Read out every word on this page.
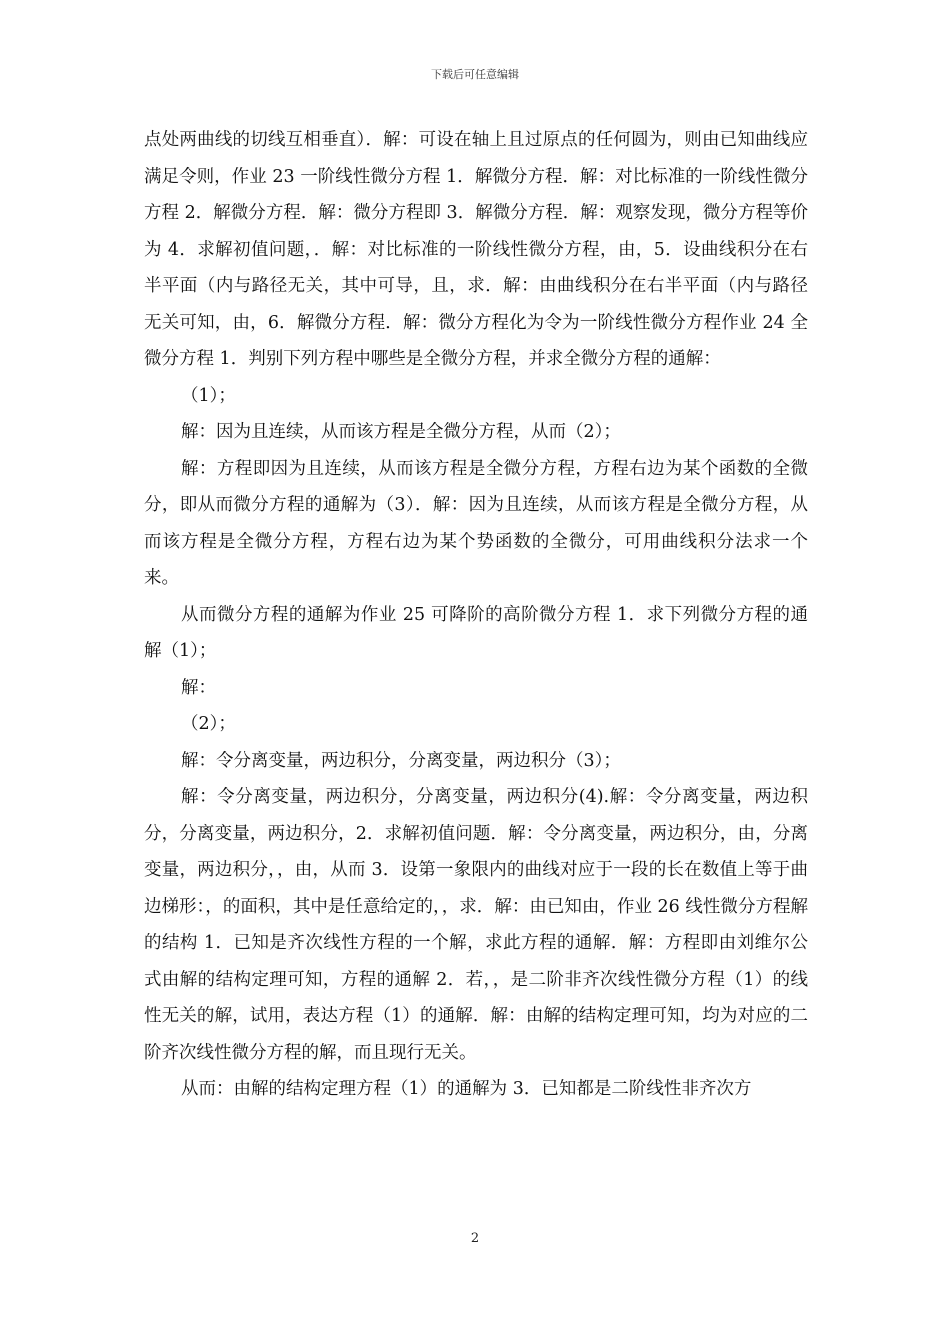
下载后可任意编辑

点处两曲线的切线互相垂直）．解：可设在轴上且过原点的任何圆为，则由已知曲线应满足令则，作业 23 一阶线性微分方程 1．解微分方程．解：对比标准的一阶线性微分方程 2．解微分方程．解：微分方程即 3．解微分方程．解：观察发现，微分方程等价为 4．求解初值问题，．解：对比标准的一阶线性微分方程，由，5．设曲线积分在右半平面（内与路径无关，其中可导，且，求．解：由曲线积分在右半平面（内与路径无关可知，由，6．解微分方程．解：微分方程化为令为一阶线性微分方程作业 24 全微分方程 1．判别下列方程中哪些是全微分方程，并求全微分方程的通解：

（1）；

解：因为且连续，从而该方程是全微分方程，从而（2）；

解：方程即因为且连续，从而该方程是全微分方程，方程右边为某个函数的全微分，即从而微分方程的通解为（3）．解：因为且连续，从而该方程是全微分方程，从而该方程是全微分方程，方程右边为某个势函数的全微分，可用曲线积分法求一个来。

从而微分方程的通解为作业 25 可降阶的高阶微分方程 1．求下列微分方程的通解（1）；

解：

（2）；

解：令分离变量，两边积分，分离变量，两边积分（3）；

解：令分离变量，两边积分，分离变量，两边积分(4).解：令分离变量，两边积分，分离变量，两边积分，2．求解初值问题．解：令分离变量，两边积分，由，分离变量，两边积分，，由，从而 3．设第一象限内的曲线对应于一段的长在数值上等于曲边梯形：，的面积，其中是任意给定的，，求．解：由已知由，作业 26 线性微分方程解的结构 1．已知是齐次线性方程的一个解，求此方程的通解．解：方程即由刘维尔公式由解的结构定理可知，方程的通解 2．若，，是二阶非齐次线性微分方程（1）的线性无关的解，试用，表达方程（1）的通解．解：由解的结构定理可知，均为对应的二阶齐次线性微分方程的解，而且现行无关。

从而：由解的结构定理方程（1）的通解为 3．已知都是二阶线性非齐次方

2
